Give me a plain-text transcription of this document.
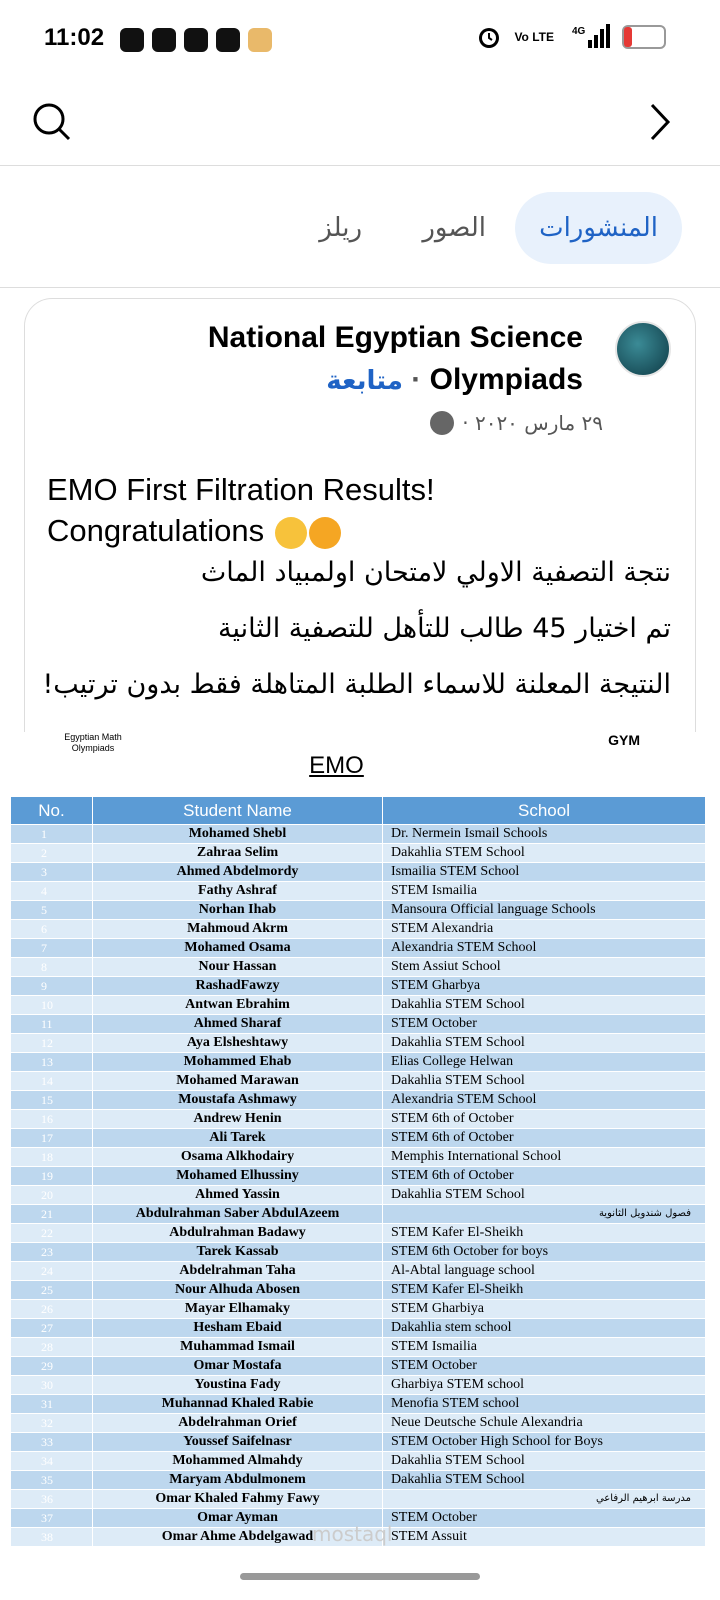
11:02	Vo LTE 4G	20
المنشورات
الصور
ريلز
National Egyptian Science
متابعة · Olympiads
٢٩ مارس ٢٠٢٠ ·
EMO First Filtration Results!
Congratulations
نتجة التصفية الاولي لامتحان اولمبياد الماث
تم اختيار 45 طالب للتأهل للتصفية الثانية
النتيجة المعلنة للاسماء الطلبة المتاهلة فقط بدون ترتيب!
Egyptian Math Olympiads	GYM
EMO
No.	Student Name	School
1	Mohamed Shebl	Dr. Nermein Ismail Schools
2	Zahraa Selim	Dakahlia STEM School
3	Ahmed Abdelmordy	Ismailia STEM School
4	Fathy Ashraf	STEM Ismailia
5	Norhan Ihab	Mansoura Official language Schools
6	Mahmoud Akrm	STEM Alexandria
7	Mohamed Osama	Alexandria STEM School
8	Nour Hassan	Stem Assiut School
9	RashadFawzy	STEM Gharbya
10	Antwan Ebrahim	Dakahlia STEM School
11	Ahmed Sharaf	STEM October
12	Aya Elsheshtawy	Dakahlia STEM School
13	Mohammed Ehab	Elias College Helwan
14	Mohamed Marawan	Dakahlia STEM School
15	Moustafa Ashmawy	Alexandria STEM School
16	Andrew Henin	STEM 6th of October
17	Ali Tarek	STEM 6th of October
18	Osama Alkhodairy	Memphis International School
19	Mohamed Elhussiny	STEM 6th of October
20	Ahmed Yassin	Dakahlia STEM School
21	Abdulrahman Saber AbdulAzeem	فصول شندويل الثانوية
22	Abdulrahman Badawy	STEM Kafer El-Sheikh
23	Tarek Kassab	STEM 6th October for boys
24	Abdelrahman Taha	Al-Abtal language school
25	Nour Alhuda Abosen	STEM Kafer El-Sheikh
26	Mayar Elhamaky	STEM Gharbiya
27	Hesham Ebaid	Dakahlia stem school
28	Muhammad Ismail	STEM Ismailia
29	Omar Mostafa	STEM October
30	Youstina Fady	Gharbiya STEM school
31	Muhannad Khaled Rabie	Menofia STEM school
32	Abdelrahman Orief	Neue Deutsche Schule Alexandria
33	Youssef Saifelnasr	STEM October High School for Boys
34	Mohammed Almahdy	Dakahlia STEM School
35	Maryam Abdulmonem	Dakahlia STEM School
36	Omar Khaled Fahmy Fawy	مدرسة ابرهيم الرفاعي
37	Omar Ayman	STEM October
38	Omar Ahme Abdelgawad	STEM Assuit
mostaql
